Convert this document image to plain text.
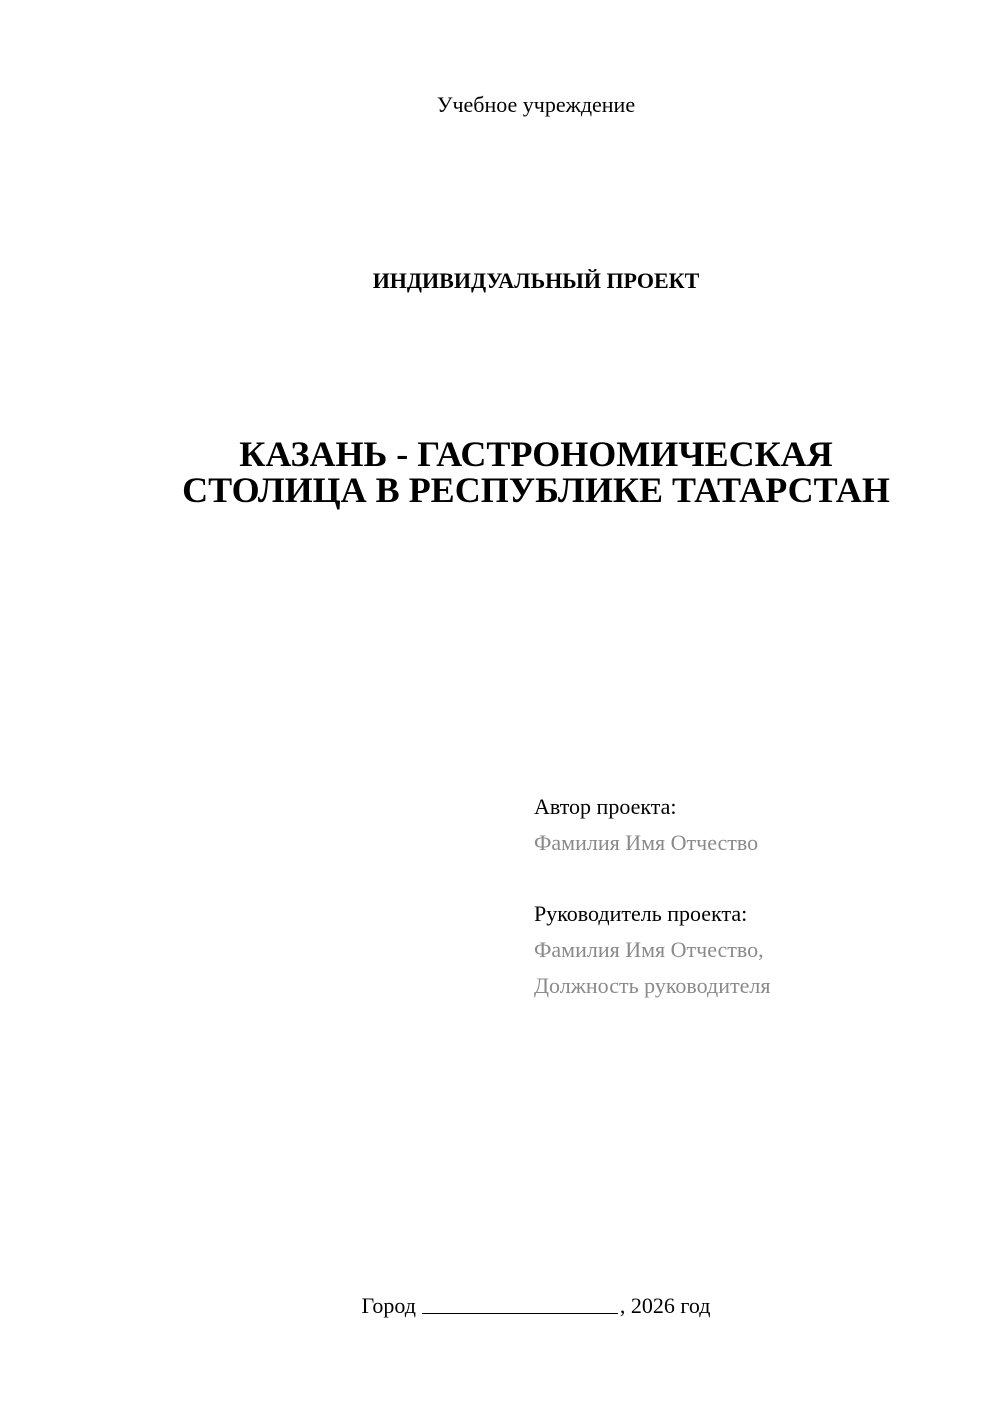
Учебное учреждение
ИНДИВИДУАЛЬНЫЙ ПРОЕКТ
КАЗАНЬ - ГАСТРОНОМИЧЕСКАЯ
СТОЛИЦА В РЕСПУБЛИКЕ ТАТАРСТАН
Автор проекта:
Фамилия Имя Отчество
Руководитель проекта:
Фамилия Имя Отчество,
Должность руководителя
Город	, 2026 год
